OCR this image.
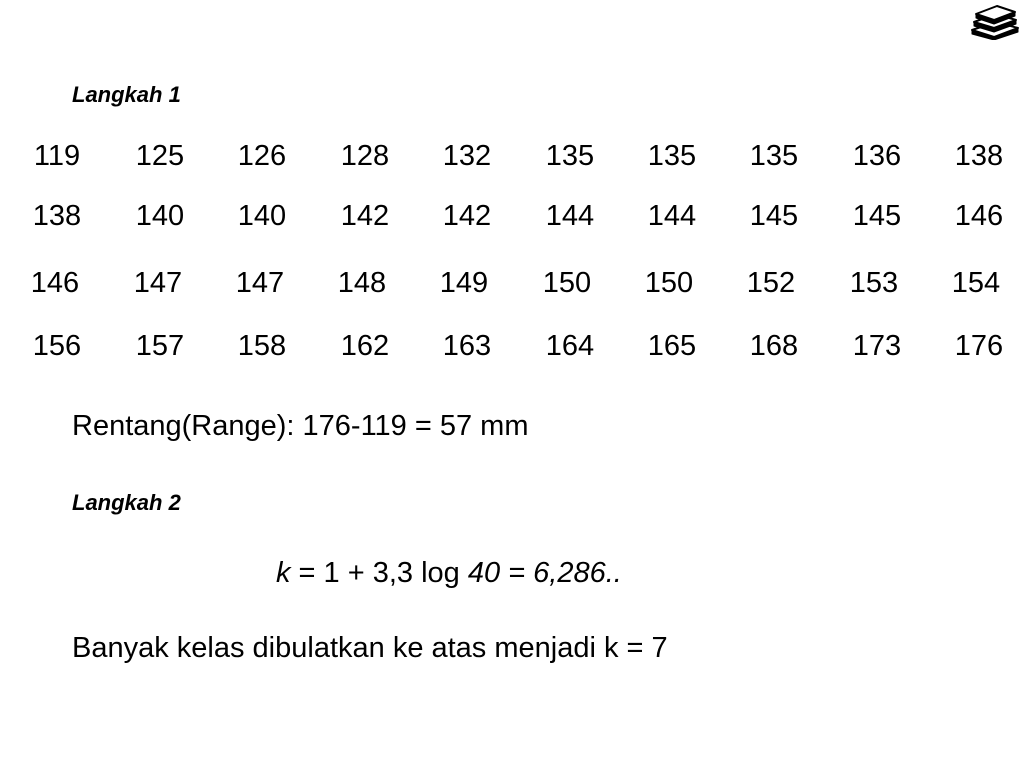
Langkah 1
119 125 126 128 132 135 135 135 136 138
138 140 140 142 142 144 144 145 145 146
146 147 147 148 149 150 150 152 153 154
156 157 158 162 163 164 165 168 173 176
Rentang(Range): 176-119 = 57 mm
Langkah 2
k = 1 + 3,3 log 40 = 6,286..
Banyak kelas dibulatkan ke atas menjadi k = 7
